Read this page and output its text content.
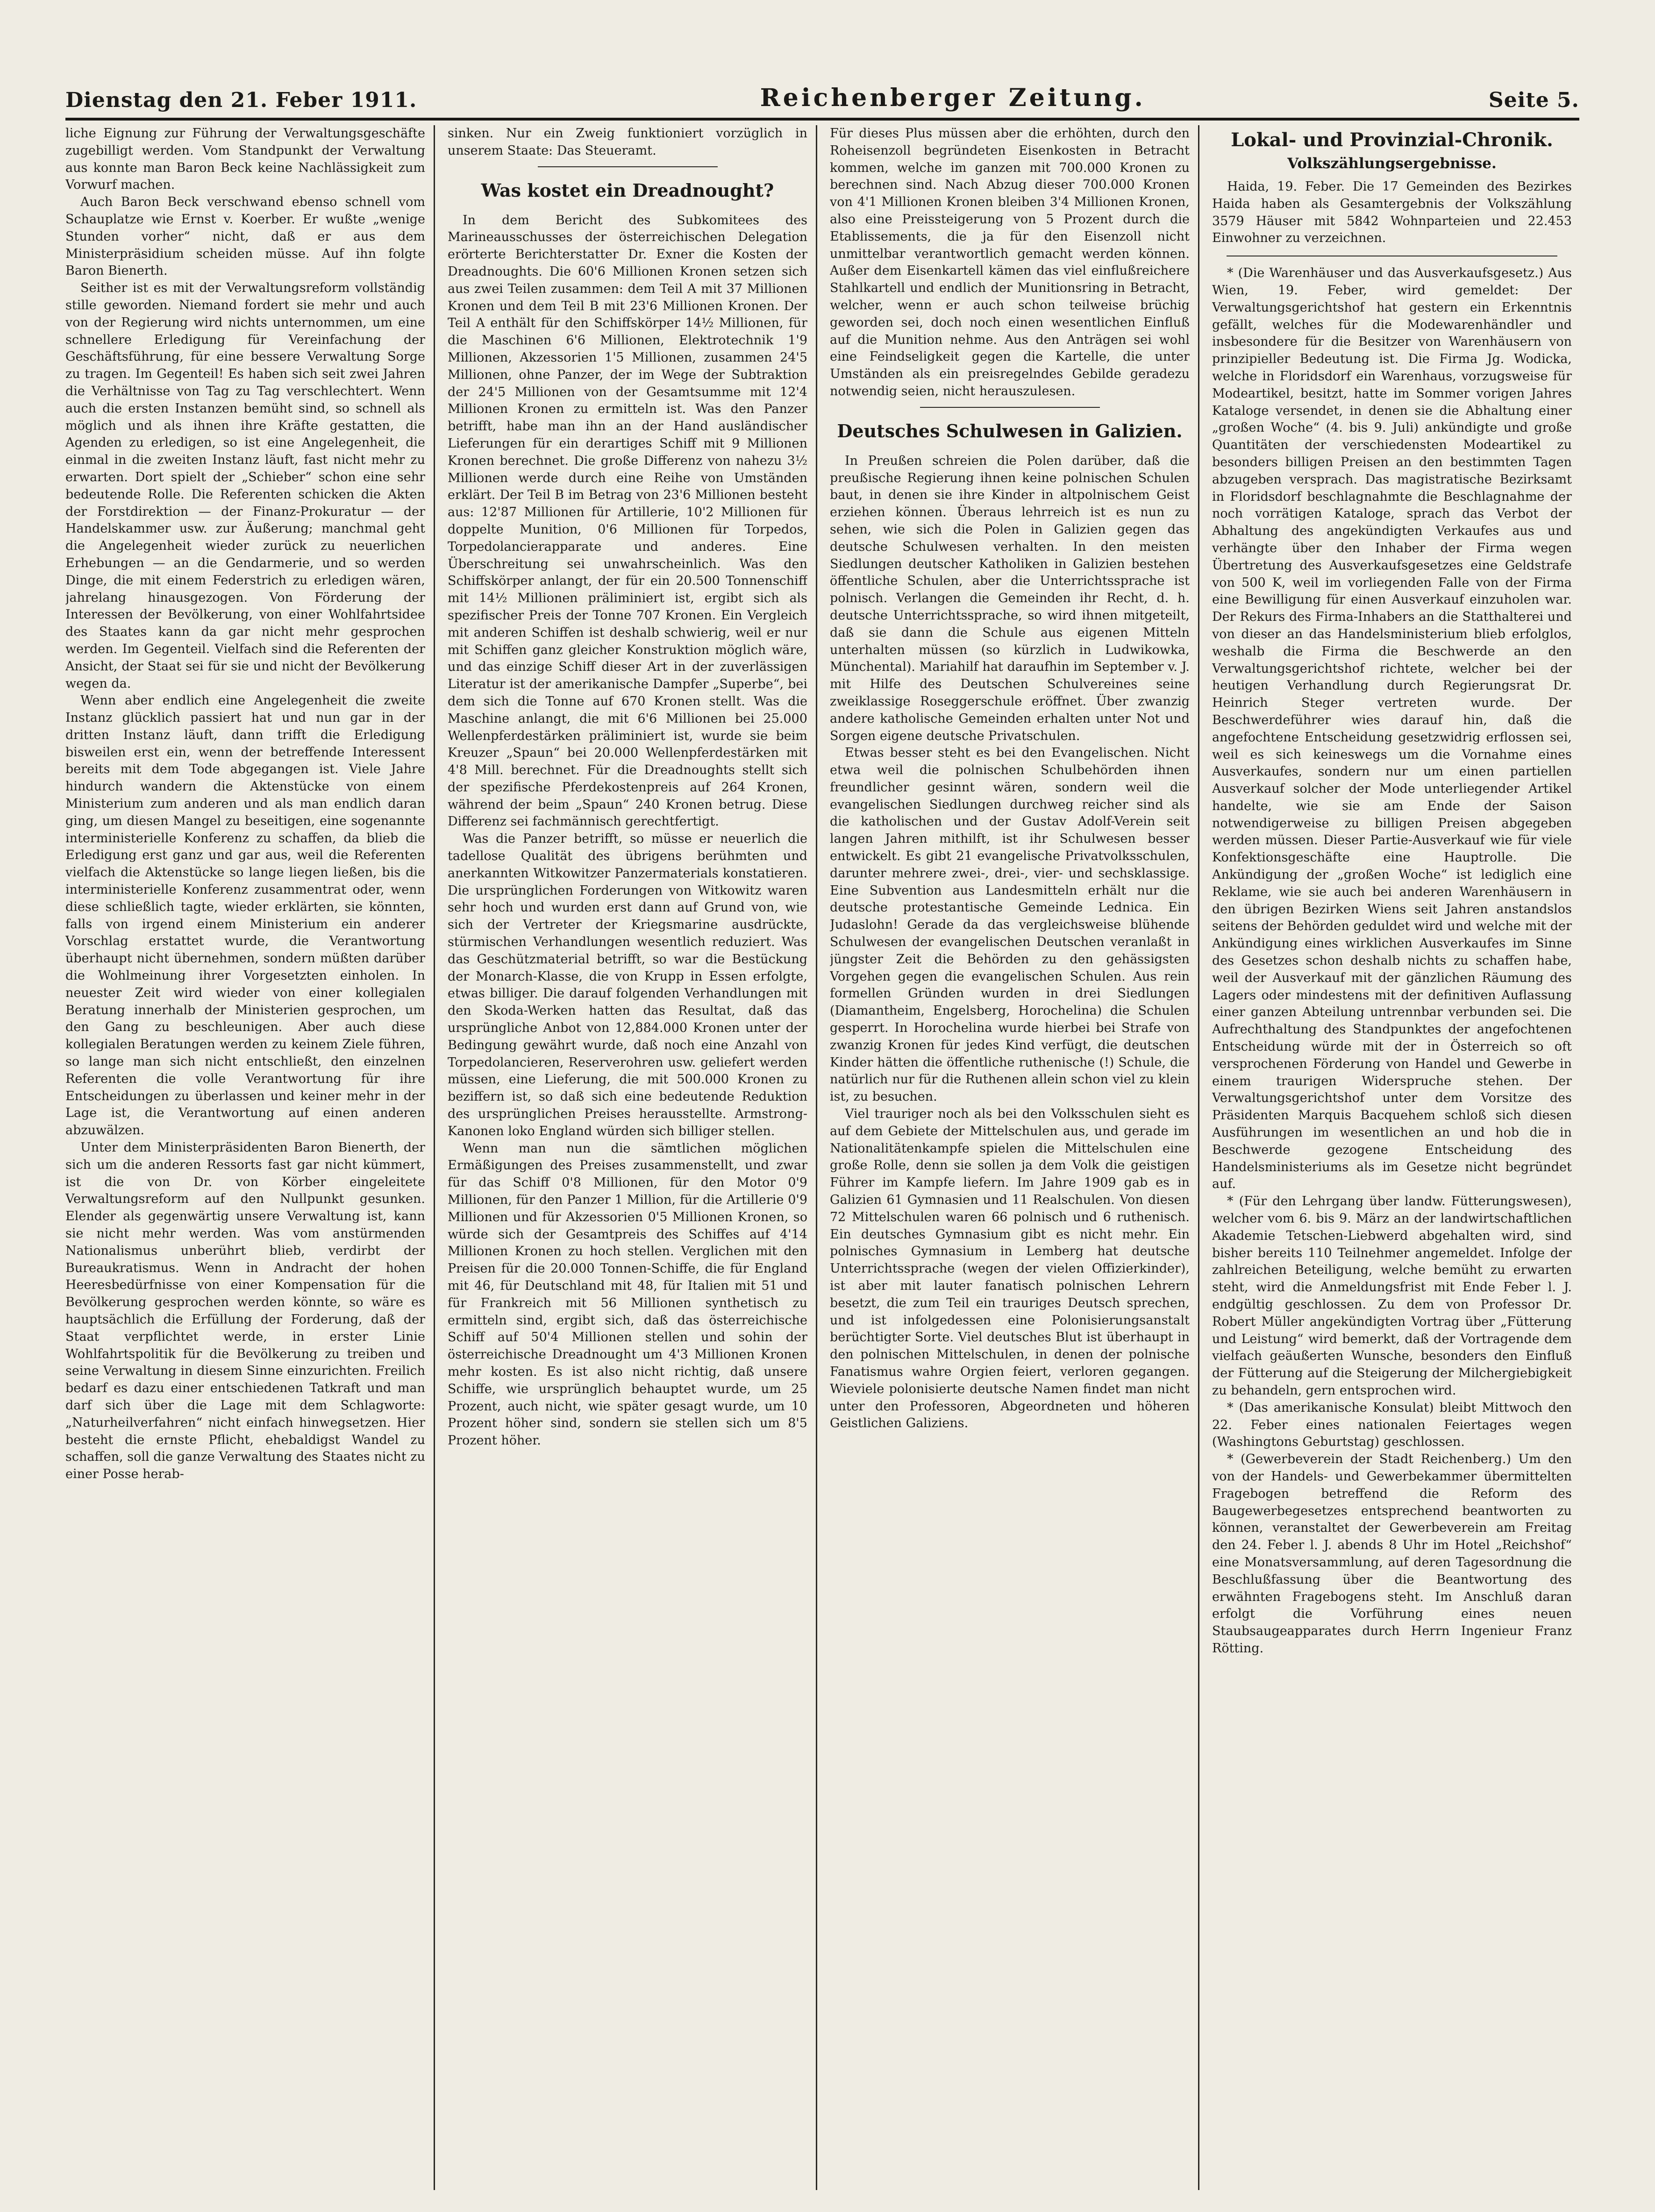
Dienstag den 21. Feber 1911.	Reichenberger Zeitung.	Seite 5.

liche Eignung zur Führung der Verwaltungsgeschäfte zugebilligt werden. Vom Standpunkt der Verwaltung aus konnte man Baron Beck keine Nachlässigkeit zum Vorwurf machen.

Auch Baron Beck verschwand ebenso schnell vom Schauplatze wie Ernst v. Koerber. Er wußte „wenige Stunden vorher“ nicht, daß er aus dem Ministerpräsidium scheiden müsse. Auf ihn folgte Baron Bienerth.

Seither ist es mit der Verwaltungsreform vollständig stille geworden. Niemand fordert sie mehr und auch von der Regierung wird nichts unternommen, um eine schnellere Erledigung für Vereinfachung der Geschäftsführung, für eine bessere Verwaltung Sorge zu tragen. Im Gegenteil! Es haben sich seit zwei Jahren die Verhältnisse von Tag zu Tag verschlechtert. Wenn auch die ersten Instanzen bemüht sind, so schnell als möglich und als ihnen ihre Kräfte gestatten, die Agenden zu erledigen, so ist eine Angelegenheit, die einmal in die zweiten Instanz läuft, fast nicht mehr zu erwarten. Dort spielt der „Schieber“ schon eine sehr bedeutende Rolle. Die Referenten schicken die Akten der Forstdirektion — der Finanz-Prokuratur — der Handelskammer usw. zur Äußerung; manchmal geht die Angelegenheit wieder zurück zu neuerlichen Erhebungen — an die Gendarmerie, und so werden Dinge, die mit einem Federstrich zu erledigen wären, jahrelang hinausgezogen. Von Förderung der Interessen der Bevölkerung, von einer Wohlfahrtsidee des Staates kann da gar nicht mehr gesprochen werden. Im Gegenteil. Vielfach sind die Referenten der Ansicht, der Staat sei für sie und nicht der Bevölkerung wegen da.

Wenn aber endlich eine Angelegenheit die zweite Instanz glücklich passiert hat und nun gar in der dritten Instanz läuft, dann trifft die Erledigung bisweilen erst ein, wenn der betreffende Interessent bereits mit dem Tode abgegangen ist. Viele Jahre hindurch wandern die Aktenstücke von einem Ministerium zum anderen und als man endlich daran ging, um diesen Mangel zu beseitigen, eine sogenannte interministerielle Konferenz zu schaffen, da blieb die Erledigung erst ganz und gar aus, weil die Referenten vielfach die Aktenstücke so lange liegen ließen, bis die interministerielle Konferenz zusammentrat oder, wenn diese schließlich tagte, wieder erklärten, sie könnten, falls von irgend einem Ministerium ein anderer Vorschlag erstattet wurde, die Verantwortung überhaupt nicht übernehmen, sondern müßten darüber die Wohlmeinung ihrer Vorgesetzten einholen. In neuester Zeit wird wieder von einer kollegialen Beratung innerhalb der Ministerien gesprochen, um den Gang zu beschleunigen. Aber auch diese kollegialen Beratungen werden zu keinem Ziele führen, so lange man sich nicht entschließt, den einzelnen Referenten die volle Verantwortung für ihre Entscheidungen zu überlassen und keiner mehr in der Lage ist, die Verantwortung auf einen anderen abzuwälzen.

Unter dem Ministerpräsidenten Baron Bienerth, der sich um die anderen Ressorts fast gar nicht kümmert, ist die von Dr. von Körber eingeleitete Verwaltungsreform auf den Nullpunkt gesunken. Elender als gegenwärtig unsere Verwaltung ist, kann sie nicht mehr werden. Was vom anstürmenden Nationalismus unberührt blieb, verdirbt der Bureaukratismus. Wenn in Andracht der hohen Heeresbedürfnisse von einer Kompensation für die Bevölkerung gesprochen werden könnte, so wäre es hauptsächlich die Erfüllung der Forderung, daß der Staat verpflichtet werde, in erster Linie Wohlfahrtspolitik für die Bevölkerung zu treiben und seine Verwaltung in diesem Sinne einzurichten. Freilich bedarf es dazu einer entschiedenen Tatkraft und man darf sich über die Lage mit dem Schlagworte: „Naturheilverfahren“ nicht einfach hinwegsetzen. Hier besteht die ernste Pflicht, ehebaldigst Wandel zu schaffen, soll die ganze Verwaltung des Staates nicht zu einer Posse herab-

sinken. Nur ein Zweig funktioniert vorzüglich in unserem Staate: Das Steueramt.

Was kostet ein Dreadnought?

In dem Bericht des Subkomitees des Marineausschusses der österreichischen Delegation erörterte Berichterstatter Dr. Exner die Kosten der Dreadnoughts. Die 60'6 Millionen Kronen setzen sich aus zwei Teilen zusammen: dem Teil A mit 37 Millionen Kronen und dem Teil B mit 23'6 Millionen Kronen. Der Teil A enthält für den Schiffskörper 14½ Millionen, für die Maschinen 6'6 Millionen, Elektrotechnik 1'9 Millionen, Akzessorien 1'5 Millionen, zusammen 24'5 Millionen, ohne Panzer, der im Wege der Subtraktion der 24'5 Millionen von der Gesamtsumme mit 12'4 Millionen Kronen zu ermitteln ist. Was den Panzer betrifft, habe man ihn an der Hand ausländischer Lieferungen für ein derartiges Schiff mit 9 Millionen Kronen berechnet. Die große Differenz von nahezu 3½ Millionen werde durch eine Reihe von Umständen erklärt. Der Teil B im Betrag von 23'6 Millionen besteht aus: 12'87 Millionen für Artillerie, 10'2 Millionen für doppelte Munition, 0'6 Millionen für Torpedos, Torpedolancierapparate und anderes. Eine Überschreitung sei unwahrscheinlich. Was den Schiffskörper anlangt, der für ein 20.500 Tonnenschiff mit 14½ Millionen präliminiert ist, ergibt sich als spezifischer Preis der Tonne 707 Kronen. Ein Vergleich mit anderen Schiffen ist deshalb schwierig, weil er nur mit Schiffen ganz gleicher Konstruktion möglich wäre, und das einzige Schiff dieser Art in der zuverlässigen Literatur ist der amerikanische Dampfer „Superbe“, bei dem sich die Tonne auf 670 Kronen stellt. Was die Maschine anlangt, die mit 6'6 Millionen bei 25.000 Wellenpferdestärken präliminiert ist, wurde sie beim Kreuzer „Spaun“ bei 20.000 Wellenpferdestärken mit 4'8 Mill. berechnet. Für die Dreadnoughts stellt sich der spezifische Pferdekostenpreis auf 264 Kronen, während der beim „Spaun“ 240 Kronen betrug. Diese Differenz sei fachmännisch gerechtfertigt.

Was die Panzer betrifft, so müsse er neuerlich die tadellose Qualität des übrigens berühmten und anerkannten Witkowitzer Panzermaterials konstatieren. Die ursprünglichen Forderungen von Witkowitz waren sehr hoch und wurden erst dann auf Grund von, wie sich der Vertreter der Kriegsmarine ausdrückte, stürmischen Verhandlungen wesentlich reduziert. Was das Geschützmaterial betrifft, so war die Bestückung der Monarch-Klasse, die von Krupp in Essen erfolgte, etwas billiger. Die darauf folgenden Verhandlungen mit den Skoda-Werken hatten das Resultat, daß das ursprüngliche Anbot von 12,884.000 Kronen unter der Bedingung gewährt wurde, daß noch eine Anzahl von Torpedolancieren, Reserverohren usw. geliefert werden müssen, eine Lieferung, die mit 500.000 Kronen zu beziffern ist, so daß sich eine bedeutende Reduktion des ursprünglichen Preises herausstellte. Armstrong-Kanonen loko England würden sich billiger stellen.

Wenn man nun die sämtlichen möglichen Ermäßigungen des Preises zusammenstellt, und zwar für das Schiff 0'8 Millionen, für den Motor 0'9 Millionen, für den Panzer 1 Million, für die Artillerie 0'9 Millionen und für Akzessorien 0'5 Millionen Kronen, so würde sich der Gesamtpreis des Schiffes auf 4'14 Millionen Kronen zu hoch stellen. Verglichen mit den Preisen für die 20.000 Tonnen-Schiffe, die für England mit 46, für Deutschland mit 48, für Italien mit 51 und für Frankreich mit 56 Millionen synthetisch zu ermitteln sind, ergibt sich, daß das österreichische Schiff auf 50'4 Millionen stellen und sohin der österreichische Dreadnought um 4'3 Millionen Kronen mehr kosten. Es ist also nicht richtig, daß unsere Schiffe, wie ursprünglich behauptet wurde, um 25 Prozent, auch nicht, wie später gesagt wurde, um 10 Prozent höher sind, sondern sie stellen sich um 8'5 Prozent höher.

Für dieses Plus müssen aber die erhöhten, durch den Roheisenzoll begründeten Eisenkosten in Betracht kommen, welche im ganzen mit 700.000 Kronen zu berechnen sind. Nach Abzug dieser 700.000 Kronen von 4'1 Millionen Kronen bleiben 3'4 Millionen Kronen, also eine Preissteigerung von 5 Prozent durch die Etablissements, die ja für den Eisenzoll nicht unmittelbar verantwortlich gemacht werden können. Außer dem Eisenkartell kämen das viel einflußreichere Stahlkartell und endlich der Munitionsring in Betracht, welcher, wenn er auch schon teilweise brüchig geworden sei, doch noch einen wesentlichen Einfluß auf die Munition nehme. Aus den Anträgen sei wohl eine Feindseligkeit gegen die Kartelle, die unter Umständen als ein preisregelndes Gebilde geradezu notwendig seien, nicht herauszulesen.

Deutsches Schulwesen in Galizien.

In Preußen schreien die Polen darüber, daß die preußische Regierung ihnen keine polnischen Schulen baut, in denen sie ihre Kinder in altpolnischem Geist erziehen können. Überaus lehrreich ist es nun zu sehen, wie sich die Polen in Galizien gegen das deutsche Schulwesen verhalten. In den meisten Siedlungen deutscher Katholiken in Galizien bestehen öffentliche Schulen, aber die Unterrichtssprache ist polnisch. Verlangen die Gemeinden ihr Recht, d. h. deutsche Unterrichtssprache, so wird ihnen mitgeteilt, daß sie dann die Schule aus eigenen Mitteln unterhalten müssen (so kürzlich in Ludwikowka, Münchental). Mariahilf hat daraufhin im September v. J. mit Hilfe des Deutschen Schulvereines seine zweiklassige Roseggerschule eröffnet. Über zwanzig andere katholische Gemeinden erhalten unter Not und Sorgen eigene deutsche Privatschulen.

Etwas besser steht es bei den Evangelischen. Nicht etwa weil die polnischen Schulbehörden ihnen freundlicher gesinnt wären, sondern weil die evangelischen Siedlungen durchweg reicher sind als die katholischen und der Gustav Adolf-Verein seit langen Jahren mithilft, ist ihr Schulwesen besser entwickelt. Es gibt 21 evangelische Privatvolksschulen, darunter mehrere zwei-, drei-, vier- und sechsklassige. Eine Subvention aus Landesmitteln erhält nur die deutsche protestantische Gemeinde Lednica. Ein Judaslohn! Gerade da das vergleichsweise blühende Schulwesen der evangelischen Deutschen veranlaßt in jüngster Zeit die Behörden zu den gehässigsten Vorgehen gegen die evangelischen Schulen. Aus rein formellen Gründen wurden in drei Siedlungen (Diamantheim, Engelsberg, Horochelina) die Schulen gesperrt. In Horochelina wurde hierbei bei Strafe von zwanzig Kronen für jedes Kind verfügt, die deutschen Kinder hätten die öffentliche ruthenische (!) Schule, die natürlich nur für die Ruthenen allein schon viel zu klein ist, zu besuchen.

Viel trauriger noch als bei den Volksschulen sieht es auf dem Gebiete der Mittelschulen aus, und gerade im Nationalitätenkampfe spielen die Mittelschulen eine große Rolle, denn sie sollen ja dem Volk die geistigen Führer im Kampfe liefern. Im Jahre 1909 gab es in Galizien 61 Gymnasien und 11 Realschulen. Von diesen 72 Mittelschulen waren 66 polnisch und 6 ruthenisch. Ein deutsches Gymnasium gibt es nicht mehr. Ein polnisches Gymnasium in Lemberg hat deutsche Unterrichtssprache (wegen der vielen Offizierkinder), ist aber mit lauter fanatisch polnischen Lehrern besetzt, die zum Teil ein trauriges Deutsch sprechen, und ist infolgedessen eine Polonisierungsanstalt berüchtigter Sorte. Viel deutsches Blut ist überhaupt in den polnischen Mittelschulen, in denen der polnische Fanatismus wahre Orgien feiert, verloren gegangen. Wieviele polonisierte deutsche Namen findet man nicht unter den Professoren, Abgeordneten und höheren Geistlichen Galiziens.

Lokal- und Provinzial-Chronik.
Volkszählungsergebnisse.

Haida, 19. Feber. Die 17 Gemeinden des Bezirkes Haida haben als Gesamtergebnis der Volkszählung 3579 Häuser mit 5842 Wohnparteien und 22.453 Einwohner zu verzeichnen.

* (Die Warenhäuser und das Ausverkaufsgesetz.) Aus Wien, 19. Feber, wird gemeldet: Der Verwaltungsgerichtshof hat gestern ein Erkenntnis gefällt, welches für die Modewarenhändler und insbesondere für die Besitzer von Warenhäusern von prinzipieller Bedeutung ist. Die Firma Jg. Wodicka, welche in Floridsdorf ein Warenhaus, vorzugsweise für Modeartikel, besitzt, hatte im Sommer vorigen Jahres Kataloge versendet, in denen sie die Abhaltung einer „großen Woche“ (4. bis 9. Juli) ankündigte und große Quantitäten der verschiedensten Modeartikel zu besonders billigen Preisen an den bestimmten Tagen abzugeben versprach. Das magistratische Bezirksamt in Floridsdorf beschlagnahmte die Beschlagnahme der noch vorrätigen Kataloge, sprach das Verbot der Abhaltung des angekündigten Verkaufes aus und verhängte über den Inhaber der Firma wegen Übertretung des Ausverkaufsgesetzes eine Geldstrafe von 500 K, weil im vorliegenden Falle von der Firma eine Bewilligung für einen Ausverkauf einzuholen war. Der Rekurs des Firma-Inhabers an die Statthalterei und von dieser an das Handelsministerium blieb erfolglos, weshalb die Firma die Beschwerde an den Verwaltungsgerichtshof richtete, welcher bei der heutigen Verhandlung durch Regierungsrat Dr. Heinrich Steger vertreten wurde. Der Beschwerdeführer wies darauf hin, daß die angefochtene Entscheidung gesetzwidrig erflossen sei, weil es sich keineswegs um die Vornahme eines Ausverkaufes, sondern nur um einen partiellen Ausverkauf solcher der Mode unterliegender Artikel handelte, wie sie am Ende der Saison notwendigerweise zu billigen Preisen abgegeben werden müssen. Dieser Partie-Ausverkauf wie für viele Konfektionsgeschäfte eine Hauptrolle. Die Ankündigung der „großen Woche“ ist lediglich eine Reklame, wie sie auch bei anderen Warenhäusern in den übrigen Bezirken Wiens seit Jahren anstandslos seitens der Behörden geduldet wird und welche mit der Ankündigung eines wirklichen Ausverkaufes im Sinne des Gesetzes schon deshalb nichts zu schaffen habe, weil der Ausverkauf mit der gänzlichen Räumung des Lagers oder mindestens mit der definitiven Auflassung einer ganzen Abteilung untrennbar verbunden sei. Die Aufrechthaltung des Standpunktes der angefochtenen Entscheidung würde mit der in Österreich so oft versprochenen Förderung von Handel und Gewerbe in einem traurigen Widerspruche stehen. Der Verwaltungsgerichtshof unter dem Vorsitze des Präsidenten Marquis Bacquehem schloß sich diesen Ausführungen im wesentlichen an und hob die in Beschwerde gezogene Entscheidung des Handelsministeriums als im Gesetze nicht begründet auf.

* (Für den Lehrgang über landw. Fütterungswesen), welcher vom 6. bis 9. März an der landwirtschaftlichen Akademie Tetschen-Liebwerd abgehalten wird, sind bisher bereits 110 Teilnehmer angemeldet. Infolge der zahlreichen Beteiligung, welche bemüht zu erwarten steht, wird die Anmeldungsfrist mit Ende Feber l. J. endgültig geschlossen. Zu dem von Professor Dr. Robert Müller angekündigten Vortrag über „Fütterung und Leistung“ wird bemerkt, daß der Vortragende dem vielfach geäußerten Wunsche, besonders den Einfluß der Fütterung auf die Steigerung der Milchergiebigkeit zu behandeln, gern entsprochen wird.

* (Das amerikanische Konsulat) bleibt Mittwoch den 22. Feber eines nationalen Feiertages wegen (Washingtons Geburtstag) geschlossen.

* (Gewerbeverein der Stadt Reichenberg.) Um den von der Handels- und Gewerbekammer übermittelten Fragebogen betreffend die Reform des Baugewerbegesetzes entsprechend beantworten zu können, veranstaltet der Gewerbeverein am Freitag den 24. Feber l. J. abends 8 Uhr im Hotel „Reichshof“ eine Monatsversammlung, auf deren Tagesordnung die Beschlußfassung über die Beantwortung des erwähnten Fragebogens steht. Im Anschluß daran erfolgt die Vorführung eines neuen Staubsaugeapparates durch Herrn Ingenieur Franz Rötting.
